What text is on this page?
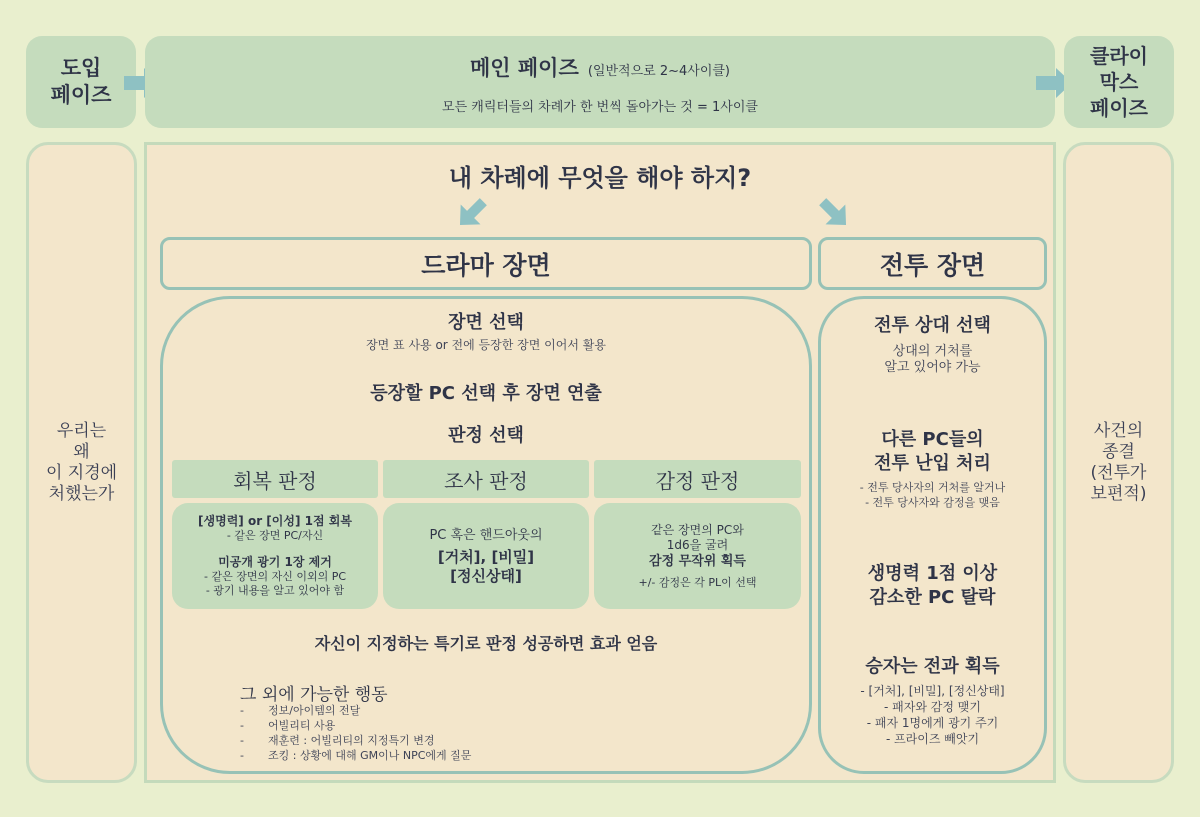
도입
페이즈
메인 페이즈 (일반적으로 2~4사이클)
모든 캐릭터들의 차례가 한 번씩 돌아가는 것 = 1사이클
클라이
막스
페이즈
우리는
왜
이 지경에
처했는가
사건의
종결
(전투가
보편적)
내 차례에 무엇을 해야 하지?
드라마 장면	전투 장면
장면 선택
장면 표 사용 or 전에 등장한 장면 이어서 활용
등장할 PC 선택 후 장면 연출
판정 선택
회복 판정	조사 판정	감정 판정
[생명력] or [이성] 1점 회복
- 같은 장면 PC/자신
미공개 광기 1장 제거
- 같은 장면의 자신 이외의 PC
- 광기 내용을 알고 있어야 함
PC 혹은 핸드아웃의
[거처], [비밀]
[정신상태]
같은 장면의 PC와
1d6을 굴려
감정 무작위 획득
+/- 감정은 각 PL이 선택
자신이 지정하는 특기로 판정 성공하면 효과 얻음
그 외에 가능한 행동
- 정보/아이템의 전달
- 어빌리티 사용
- 재훈련 : 어빌리티의 지정특기 변경
- 조킹 : 상황에 대해 GM이나 NPC에게 질문
전투 상대 선택
상대의 거처를
알고 있어야 가능
다른 PC들의
전투 난입 처리
- 전투 당사자의 거처를 알거나
- 전투 당사자와 감정을 맺음
생명력 1점 이상
감소한 PC 탈락
승자는 전과 획득
- [거처], [비밀], [정신상태]
- 패자와 감정 맺기
- 패자 1명에게 광기 주기
- 프라이즈 빼앗기
